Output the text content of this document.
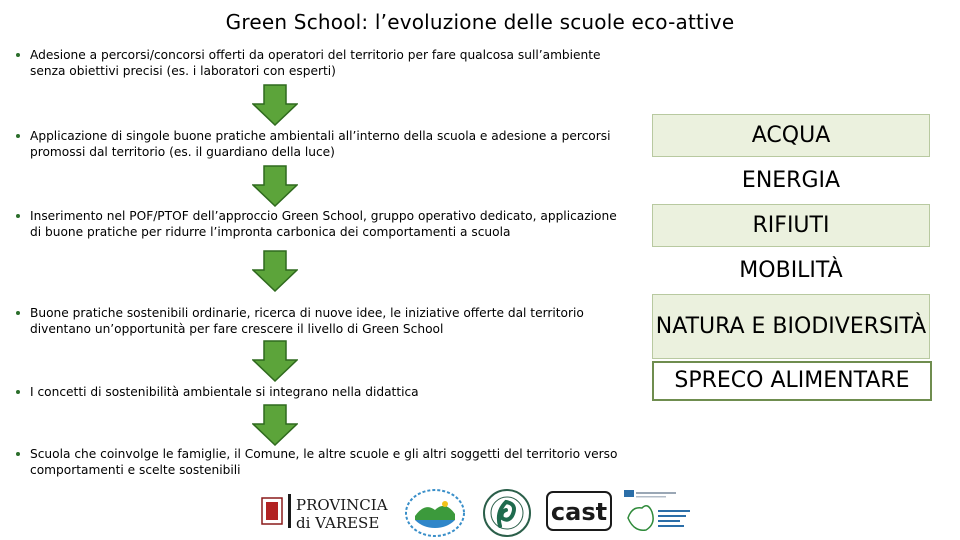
Green School: l’evoluzione delle scuole eco-attive
Adesione a percorsi/concorsi offerti da operatori del territorio per fare qualcosa sull’ambiente senza obiettivi precisi (es. i laboratori con esperti)
Applicazione di singole buone pratiche ambientali all’interno della scuola e adesione a percorsi promossi dal territorio (es. il guardiano della luce)
Inserimento nel POF/PTOF dell’approccio Green School, gruppo operativo dedicato, applicazione di buone pratiche per ridurre l’impronta carbonica dei comportamenti a scuola
Buone pratiche sostenibili ordinarie, ricerca di nuove idee, le iniziative offerte dal territorio diventano un’opportunità per fare crescere il livello di Green School
I concetti di sostenibilità ambientale si integrano nella didattica
Scuola che coinvolge le famiglie, il Comune, le altre scuole e gli altri soggetti del territorio verso comportamenti e scelte sostenibili
ACQUA
ENERGIA
RIFIUTI
MOBILITÀ
NATURA E BIODIVERSITÀ
SPRECO ALIMENTARE
PROVINCIA
di VARESE	cast
